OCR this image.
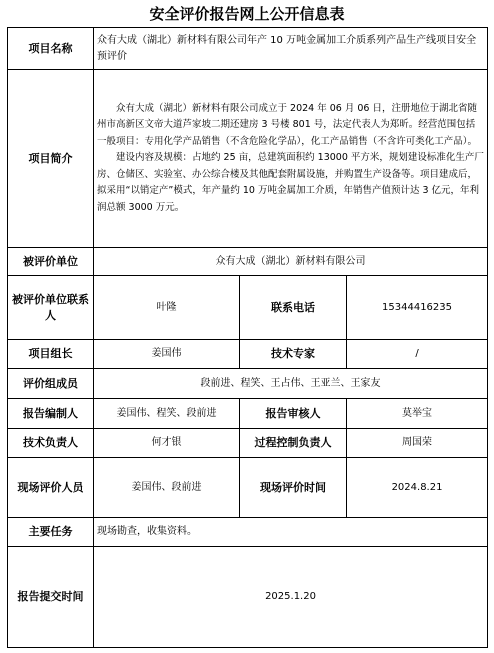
安全评价报告网上公开信息表
项目名称	众有大成（湖北）新材料有限公司年产 10 万吨金属加工介质系列产品生产线项目安全预评价		
项目简介	众有大成（湖北）新材料有限公司成立于 2024 年 06 月 06 日，注册地位于湖北省随州市高新区文帝大道芦家坡二期还建房 3 号楼 801 号，法定代表人为郑昕。经营范围包括一般项目：专用化学产品销售（不含危险化学品），化工产品销售（不含许可类化工产品）。

建设内容及规模：占地约 25 亩，总建筑面积约 13000 平方米，规划建设标准化生产厂房、仓储区、实验室、办公综合楼及其他配套附属设施，并购置生产设备等。项目建成后，拟采用“以销定产”模式，年产量约 10 万吨金属加工介质，年销售产值预计达 3 亿元，年利润总额 3000 万元。		

被评价单位	众有大成（湖北）新材料有限公司		
被评价单位联系人	叶隆	联系电话	15344416235
项目组长	姜国伟	技术专家	/
评价组成员	段前进、程笑、王占伟、王亚兰、王家友		
报告编制人	姜国伟、程笑、段前进	报告审核人	莫举宝
技术负责人	何才银	过程控制负责人	周国荣
现场评价人员	姜国伟、段前进	现场评价时间	2024.8.21
主要任务	现场勘查，收集资料。		
报告提交时间	2025.1.20		
